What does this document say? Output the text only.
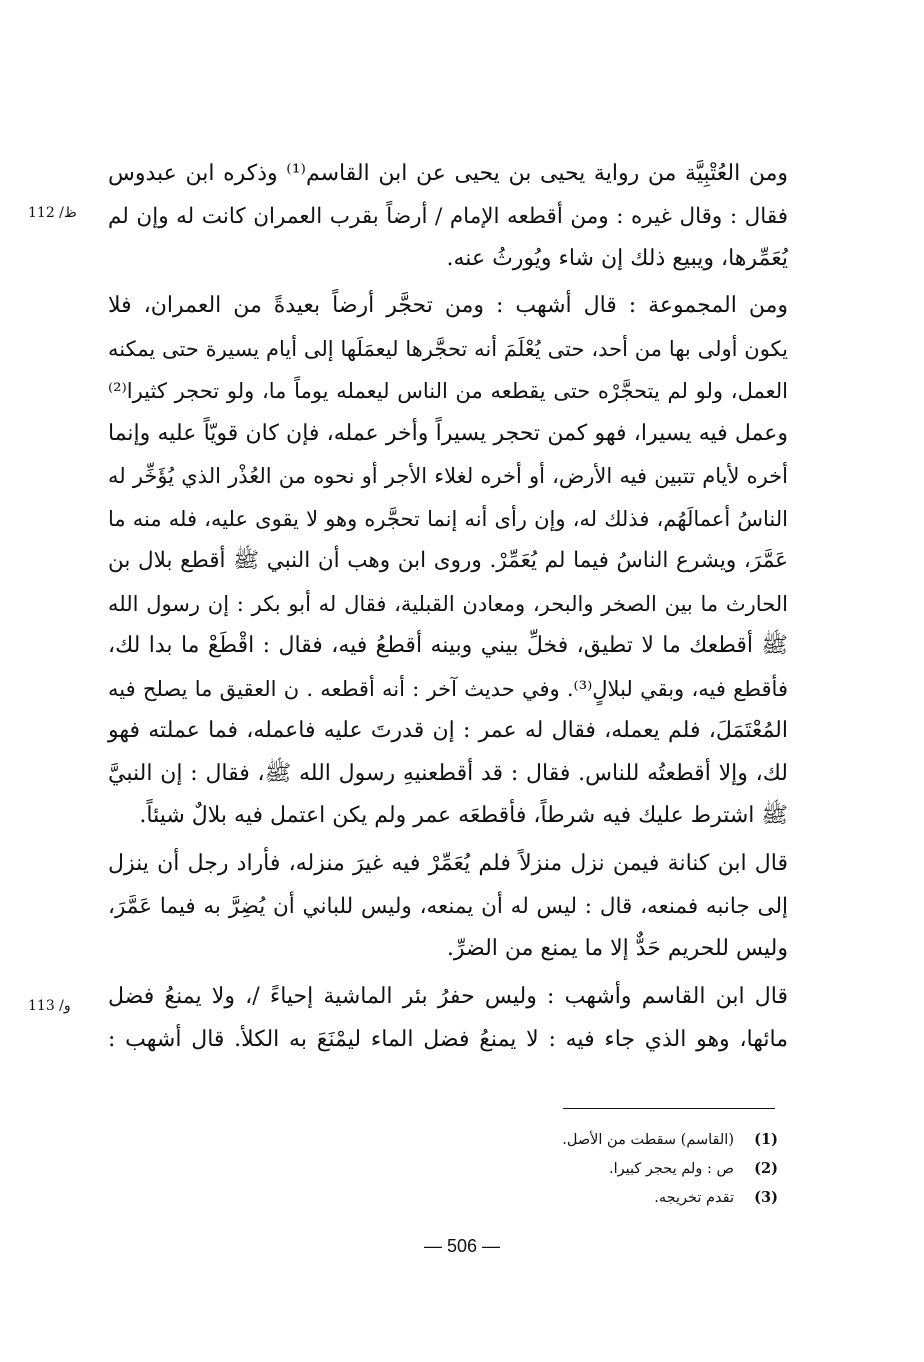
ومن العُتْبِيَّة من رواية يحيى بن يحيى عن ابن القاسم⁽¹⁾ وذكره ابن عبدوس
فقال : وقال غيره : ومن أقطعه الإمام / أرضاً بقرب العمران كانت له وإن لم
يُعَمِّرها، ويبيع ذلك إن شاء ويُورثُ عنه.
112 /ظ
ومن المجموعة : قال أشهب : ومن تحجَّر أرضاً بعيدةً من العمران، فلا
يكون أولى بها من أحد، حتى يُعْلَمَ أنه تحجَّرها ليعمَلَها إلى أيام يسيرة حتى يمكنه
العمل، ولو لم يتحجَّرْه حتى يقطعه من الناس ليعمله يوماً ما، ولو تحجر كثيرا⁽²⁾
وعمل فيه يسيرا، فهو كمن تحجر يسيراً وأخر عمله، فإن كان قويّاً عليه وإنما
أخره لأيام تتبين فيه الأرض، أو أخره لغلاء الأجر أو نحوه من العُذْر الذي يُؤَخِّر له
الناسُ أعمالَهُم، فذلك له، وإن رأى أنه إنما تحجَّره وهو لا يقوى عليه، فله منه ما
عَمَّرَ، ويشرع الناسُ فيما لم يُعَمِّرْ. وروى ابن وهب أن النبي ﷺ أقطع بلال بن
الحارث ما بين الصخر والبحر، ومعادن القبلية، فقال له أبو بكر : إن رسول الله
ﷺ أقطعك ما لا تطيق، فخلِّ بيني وبينه أقطعُ فيه، فقال : اقْطَعْ ما بدا لك،
فأقطع فيه، وبقي لبلالٍ⁽³⁾. وفي حديث آخر : أنه أقطعه . ن العقيق ما يصلح فيه
المُعْتَمَلَ، فلم يعمله، فقال له عمر : إن قدرتَ عليه فاعمله، فما عملته فهو
لك، وإلا أقطعتُه للناس. فقال : قد أقطعنيهِ رسول الله ﷺ، فقال : إن النبيَّ
ﷺ اشترط عليك فيه شرطاً، فأقطعَه عمر ولم يكن اعتمل فيه بلالٌ شيئاً.
قال ابن كنانة فيمن نزل منزلاً فلم يُعَمِّرْ فيه غيرَ منزله، فأراد رجل أن ينزل
إلى جانبه فمنعه، قال : ليس له أن يمنعه، وليس للباني أن يُضِرَّ به فيما عَمَّرَ،
وليس للحريم حَدٌّ إلا ما يمنع من الضرِّ.
113 /و قال ابن القاسم وأشهب : وليس حفرُ بئر الماشية إحياءً /، ولا يمنعُ فضل
مائها، وهو الذي جاء فيه : لا يمنعُ فضل الماء ليمْنَعَ به الكلأ. قال أشهب :
(1)(القاسم) سقطت من الأصل.
(2)ص : ولم يحجر كبيرا.
(3)تقدم تخريجه.
— 506 —
